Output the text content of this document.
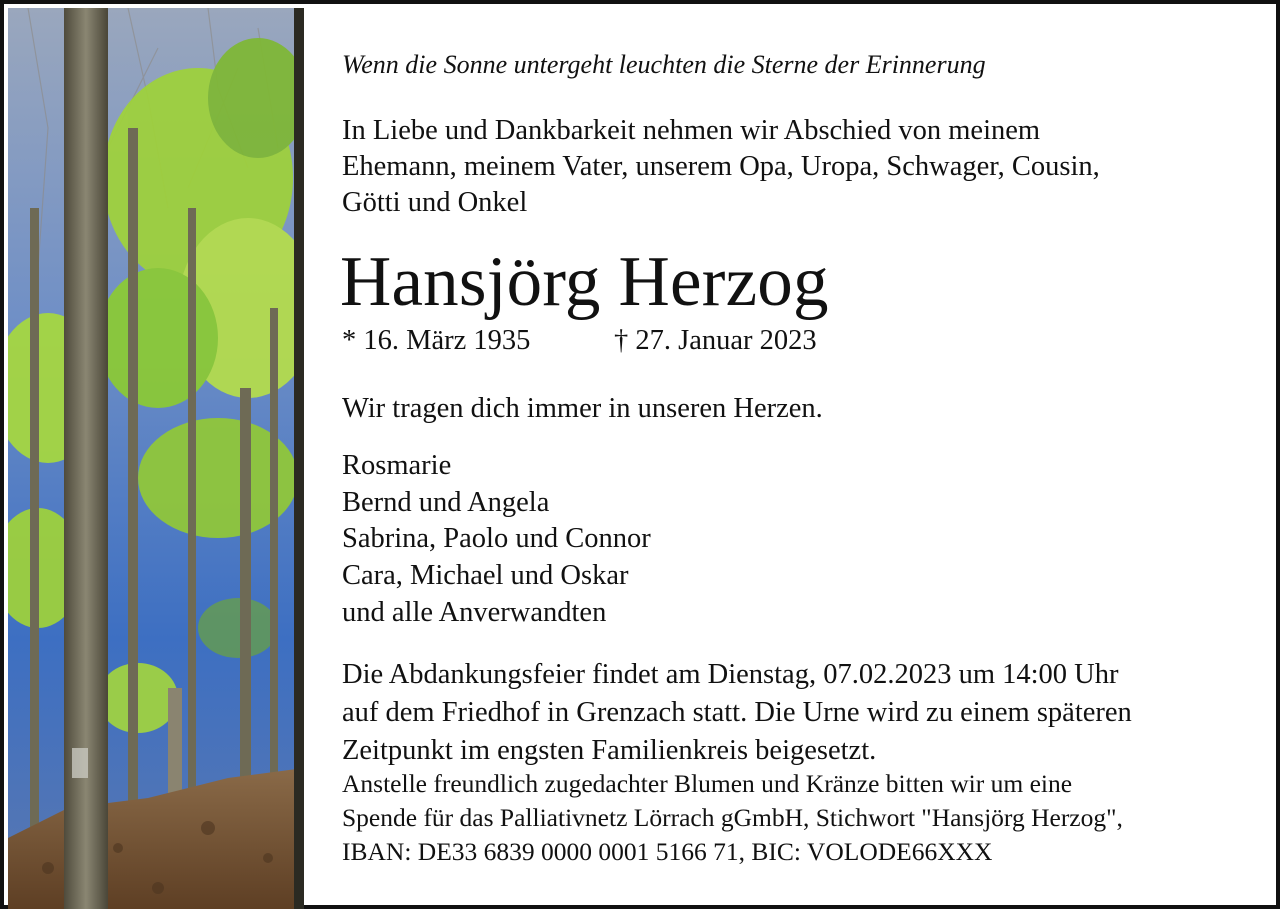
Wenn die Sonne untergeht leuchten die Sterne der Erinnerung
In Liebe und Dankbarkeit nehmen wir Abschied von meinem
Ehemann, meinem Vater, unserem Opa, Uropa, Schwager, Cousin,
Götti und Onkel
Hansjörg Herzog
* 16. März 1935	† 27. Januar 2023
Wir tragen dich immer in unseren Herzen.
Rosmarie
Bernd und Angela
Sabrina, Paolo und Connor
Cara, Michael und Oskar
und alle Anverwandten
Die Abdankungsfeier findet am Dienstag, 07.02.2023 um 14:00 Uhr
auf dem Friedhof in Grenzach statt. Die Urne wird zu einem späteren
Zeitpunkt im engsten Familienkreis beigesetzt.
Anstelle freundlich zugedachter Blumen und Kränze bitten wir um eine
Spende für das Palliativnetz Lörrach gGmbH, Stichwort "Hansjörg Herzog",
IBAN: DE33 6839 0000 0001 5166 71, BIC: VOLODE66XXX
